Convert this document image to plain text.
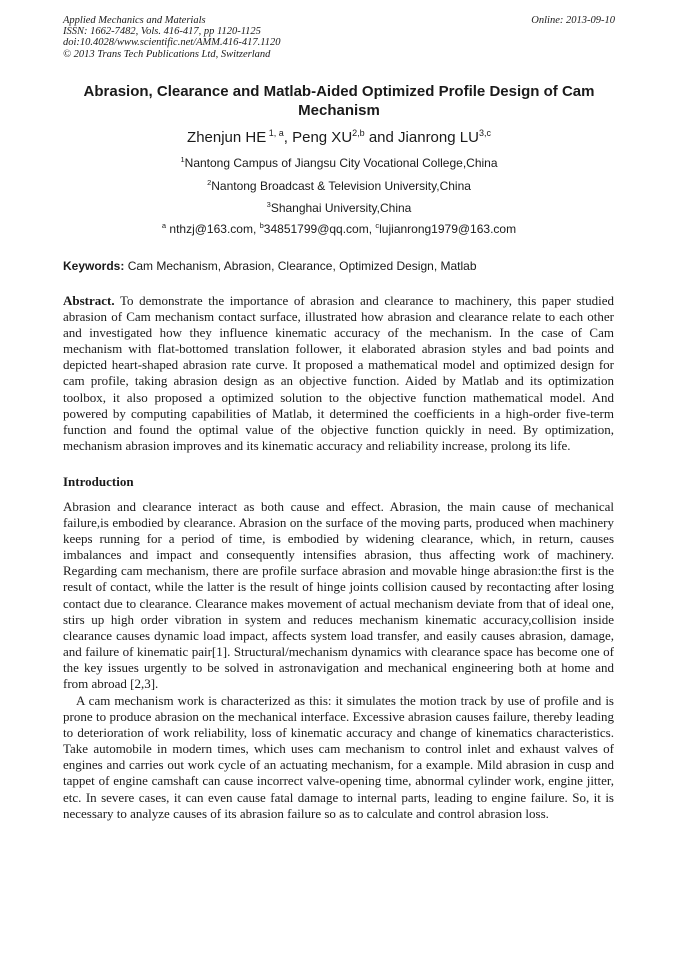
Applied Mechanics and Materials
ISSN: 1662-7482, Vols. 416-417, pp 1120-1125
doi:10.4028/www.scientific.net/AMM.416-417.1120
© 2013 Trans Tech Publications Ltd, Switzerland
Online: 2013-09-10
Abrasion, Clearance and Matlab-Aided Optimized Profile Design of Cam Mechanism
Zhenjun HE $^{1, a}$, Peng XU$^{2,b}$ and Jianrong LU$^{3,c}$
$^1$Nantong Campus of Jiangsu City Vocational College,China
$^2$Nantong Broadcast & Television University,China
$^3$Shanghai University,China
$^a$ nthzj@163.com, $^b$34851799@qq.com, $^c$lujianrong1979@163.com
Keywords: Cam Mechanism, Abrasion, Clearance, Optimized Design, Matlab

Abstract. To demonstrate the importance of abrasion and clearance to machinery, this paper studied abrasion of Cam mechanism contact surface, illustrated how abrasion and clearance relate to each other and investigated how they influence kinematic accuracy of the mechanism. In the case of Cam mechanism with flat-bottomed translation follower, it elaborated abrasion styles and bad points and depicted heart-shaped abrasion rate curve. It proposed a mathematical model and optimized design for cam profile, taking abrasion design as an objective function. Aided by Matlab and its optimization toolbox, it also proposed a optimized solution to the objective function mathematical model. And powered by computing capabilities of Matlab, it determined the coefficients in a high-order five-term function and found the optimal value of the objective function quickly in need. By optimization, mechanism abrasion improves and its kinematic accuracy and reliability increase, prolong its life.

Introduction

Abrasion and clearance interact as both cause and effect. Abrasion, the main cause of mechanical failure,is embodied by clearance. Abrasion on the surface of the moving parts, produced when machinery keeps running for a period of time, is embodied by widening clearance, which, in return, causes imbalances and impact and consequently intensifies abrasion, thus affecting work of machinery. Regarding cam mechanism, there are profile surface abrasion and movable hinge abrasion:the first is the result of contact, while the latter is the result of hinge joints collision caused by recontacting after losing contact due to clearance. Clearance makes movement of actual mechanism deviate from that of ideal one, stirs up high order vibration in system and reduces mechanism kinematic accuracy,collision inside clearance causes dynamic load impact, affects system load transfer, and easily causes abrasion, damage, and failure of kinematic pair[1]. Structural/mechanism dynamics with clearance space has become one of the key issues urgently to be solved in astronavigation and mechanical engineering both at home and from abroad [2,3].

A cam mechanism work is characterized as this: it simulates the motion track by use of profile and is prone to produce abrasion on the mechanical interface. Excessive abrasion causes failure, thereby leading to deterioration of work reliability, loss of kinematic accuracy and change of kinematics characteristics. Take automobile in modern times, which uses cam mechanism to control inlet and exhaust valves of engines and carries out work cycle of an actuating mechanism, for a example. Mild abrasion in cusp and tappet of engine camshaft can cause incorrect valve-opening time, abnormal cylinder work, engine jitter, etc. In severe cases, it can even cause fatal damage to internal parts, leading to engine failure. So, it is necessary to analyze causes of its abrasion failure so as to calculate and control abrasion loss.
